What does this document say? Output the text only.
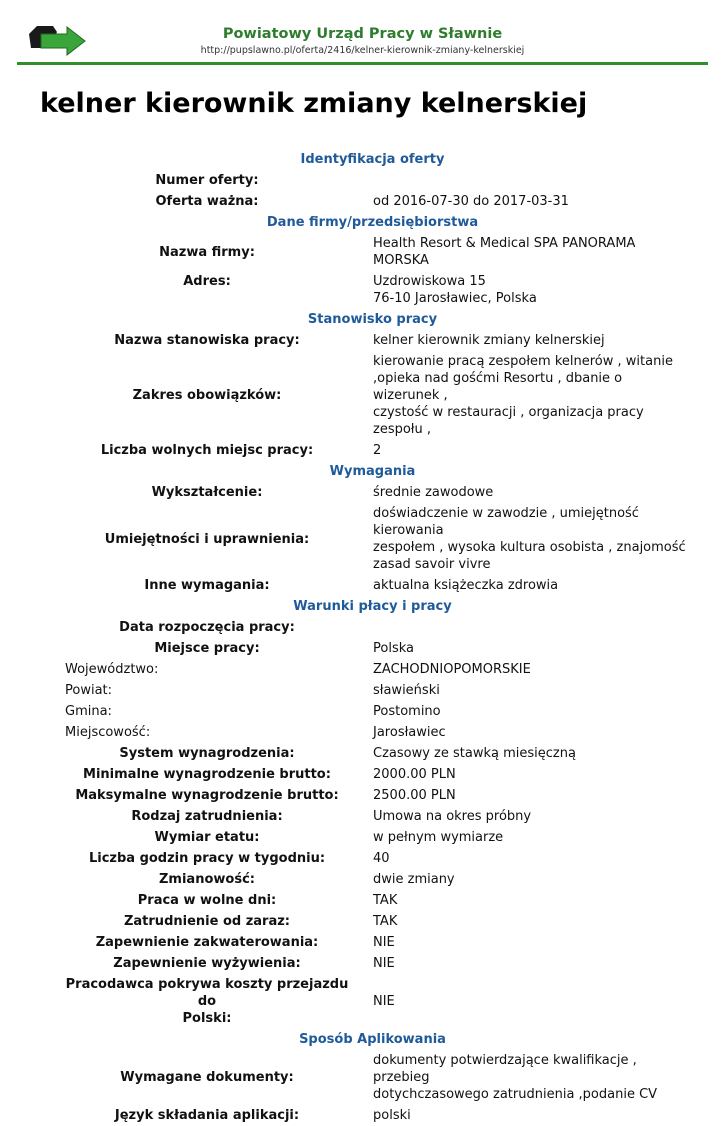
Powiatowy Urząd Pracy w Sławnie
http://pupslawno.pl/oferta/2416/kelner-kierownik-zmiany-kelnerskiej
kelner kierownik zmiany kelnerskiej
Identyfikacja oferty	
Numer oferty:	
Oferta ważna:	od 2016-07-30 do 2017-03-31
Dane firmy/przedsiębiorstwa	
Nazwa firmy:	Health Resort & Medical SPA PANORAMA MORSKA
Adres:	Uzdrowiskowa 15
76-10 Jarosławiec, Polska

Stanowisko pracy	
Nazwa stanowiska pracy:	kelner kierownik zmiany kelnerskiej
Zakres obowiązków:	kierowanie pracą zespołem kelnerów , witanie
,opieka nad gośćmi Resortu , dbanie o wizerunek ,
czystość w restauracji , organizacja pracy zespołu ,

Liczba wolnych miejsc pracy:	2
Wymagania	
Wykształcenie:	średnie zawodowe
Umiejętności i uprawnienia:	doświadczenie w zawodzie , umiejętność kierowania
zespołem , wysoka kultura osobista , znajomość
zasad savoir vivre

Inne wymagania:	aktualna książeczka zdrowia
Warunki płacy i pracy	
Data rozpoczęcia pracy:	
Miejsce pracy:	Polska
Województwo:	ZACHODNIOPOMORSKIE
Powiat:	sławieński
Gmina:	Postomino
Miejscowość:	Jarosławiec
System wynagrodzenia:	Czasowy ze stawką miesięczną
Minimalne wynagrodzenie brutto:	2000.00 PLN
Maksymalne wynagrodzenie brutto:	2500.00 PLN
Rodzaj zatrudnienia:	Umowa na okres próbny
Wymiar etatu:	w pełnym wymiarze
Liczba godzin pracy w tygodniu:	40
Zmianowość:	dwie zmiany
Praca w wolne dni:	TAK
Zatrudnienie od zaraz:	TAK
Zapewnienie zakwaterowania:	NIE
Zapewnienie wyżywienia:	NIE

Pracodawca pokrywa koszty przejazdu do
Polski:	NIE
Sposób Aplikowania	
Wymagane dokumenty:	dokumenty potwierdzające kwalifikacje , przebieg
dotychczasowego zatrudnienia ,podanie CV

Język składania aplikacji:	polski
